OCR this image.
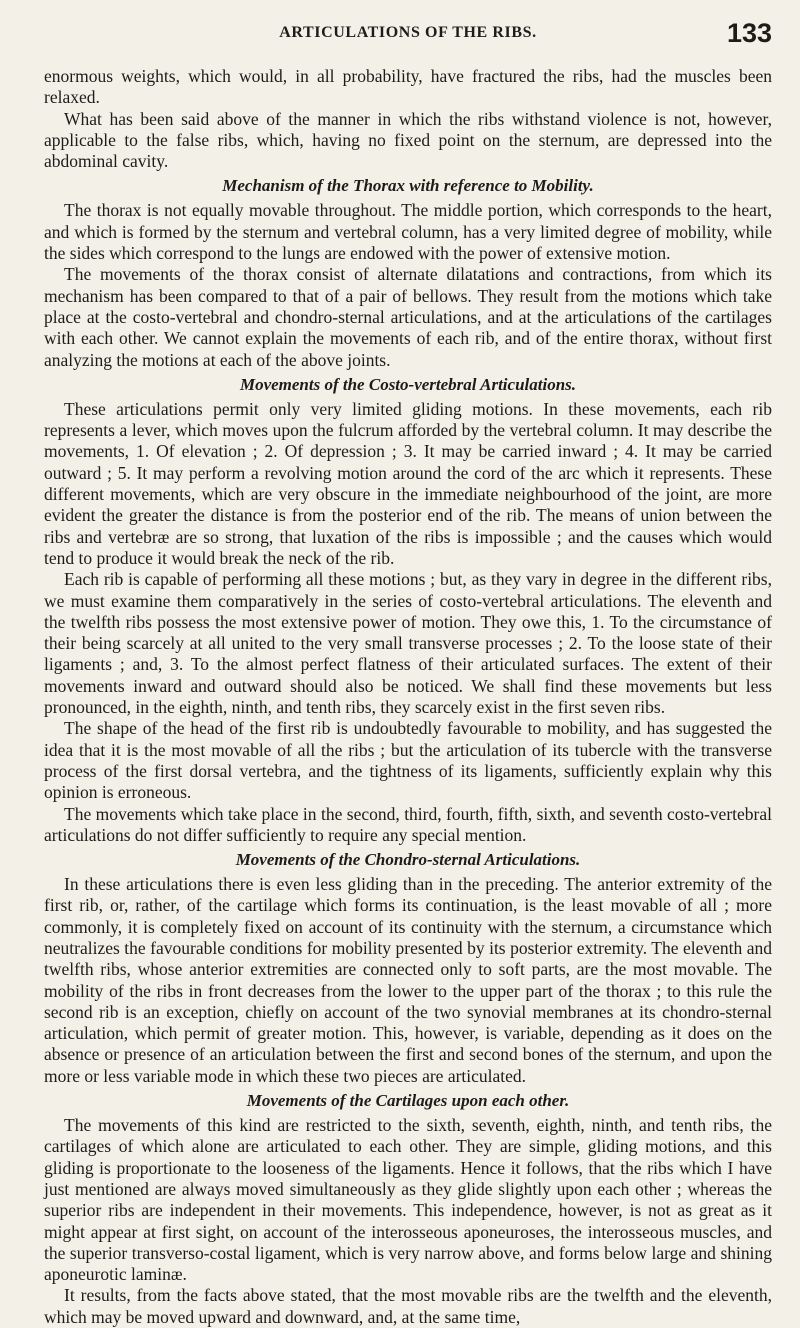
ARTICULATIONS OF THE RIBS.	133

enormous weights, which would, in all probability, have fractured the ribs, had the muscles been relaxed.

What has been said above of the manner in which the ribs withstand violence is not, however, applicable to the false ribs, which, having no fixed point on the sternum, are depressed into the abdominal cavity.

Mechanism of the Thorax with reference to Mobility.

The thorax is not equally movable throughout. The middle portion, which corresponds to the heart, and which is formed by the sternum and vertebral column, has a very limited degree of mobility, while the sides which correspond to the lungs are endowed with the power of extensive motion.

The movements of the thorax consist of alternate dilatations and contractions, from which its mechanism has been compared to that of a pair of bellows. They result from the motions which take place at the costo-vertebral and chondro-sternal articulations, and at the articulations of the cartilages with each other. We cannot explain the movements of each rib, and of the entire thorax, without first analyzing the motions at each of the above joints.

Movements of the Costo-vertebral Articulations.

These articulations permit only very limited gliding motions. In these movements, each rib represents a lever, which moves upon the fulcrum afforded by the vertebral column. It may describe the movements, 1. Of elevation ; 2. Of depression ; 3. It may be carried inward ; 4. It may be carried outward ; 5. It may perform a revolving motion around the cord of the arc which it represents. These different movements, which are very obscure in the immediate neighbourhood of the joint, are more evident the greater the distance is from the posterior end of the rib. The means of union between the ribs and vertebræ are so strong, that luxation of the ribs is impossible ; and the causes which would tend to produce it would break the neck of the rib.

Each rib is capable of performing all these motions ; but, as they vary in degree in the different ribs, we must examine them comparatively in the series of costo-vertebral articulations. The eleventh and the twelfth ribs possess the most extensive power of motion. They owe this, 1. To the circumstance of their being scarcely at all united to the very small transverse processes ; 2. To the loose state of their ligaments ; and, 3. To the almost perfect flatness of their articulated surfaces. The extent of their movements inward and outward should also be noticed. We shall find these movements but less pronounced, in the eighth, ninth, and tenth ribs, they scarcely exist in the first seven ribs.

The shape of the head of the first rib is undoubtedly favourable to mobility, and has suggested the idea that it is the most movable of all the ribs ; but the articulation of its tubercle with the transverse process of the first dorsal vertebra, and the tightness of its ligaments, sufficiently explain why this opinion is erroneous.

The movements which take place in the second, third, fourth, fifth, sixth, and seventh costo-vertebral articulations do not differ sufficiently to require any special mention.

Movements of the Chondro-sternal Articulations.

In these articulations there is even less gliding than in the preceding. The anterior extremity of the first rib, or, rather, of the cartilage which forms its continuation, is the least movable of all ; more commonly, it is completely fixed on account of its continuity with the sternum, a circumstance which neutralizes the favourable conditions for mobility presented by its posterior extremity. The eleventh and twelfth ribs, whose anterior extremities are connected only to soft parts, are the most movable. The mobility of the ribs in front decreases from the lower to the upper part of the thorax ; to this rule the second rib is an exception, chiefly on account of the two synovial membranes at its chondro-sternal articulation, which permit of greater motion. This, however, is variable, depending as it does on the absence or presence of an articulation between the first and second bones of the sternum, and upon the more or less variable mode in which these two pieces are articulated.

Movements of the Cartilages upon each other.

The movements of this kind are restricted to the sixth, seventh, eighth, ninth, and tenth ribs, the cartilages of which alone are articulated to each other. They are simple, gliding motions, and this gliding is proportionate to the looseness of the ligaments. Hence it follows, that the ribs which I have just mentioned are always moved simultaneously as they glide slightly upon each other ; whereas the superior ribs are independent in their movements. This independence, however, is not as great as it might appear at first sight, on account of the interosseous aponeuroses, the interosseous muscles, and the superior transverso-costal ligament, which is very narrow above, and forms below large and shining aponeurotic laminæ.

It results, from the facts above stated, that the most movable ribs are the twelfth and the eleventh, which may be moved upward and downward, and, at the same time,
